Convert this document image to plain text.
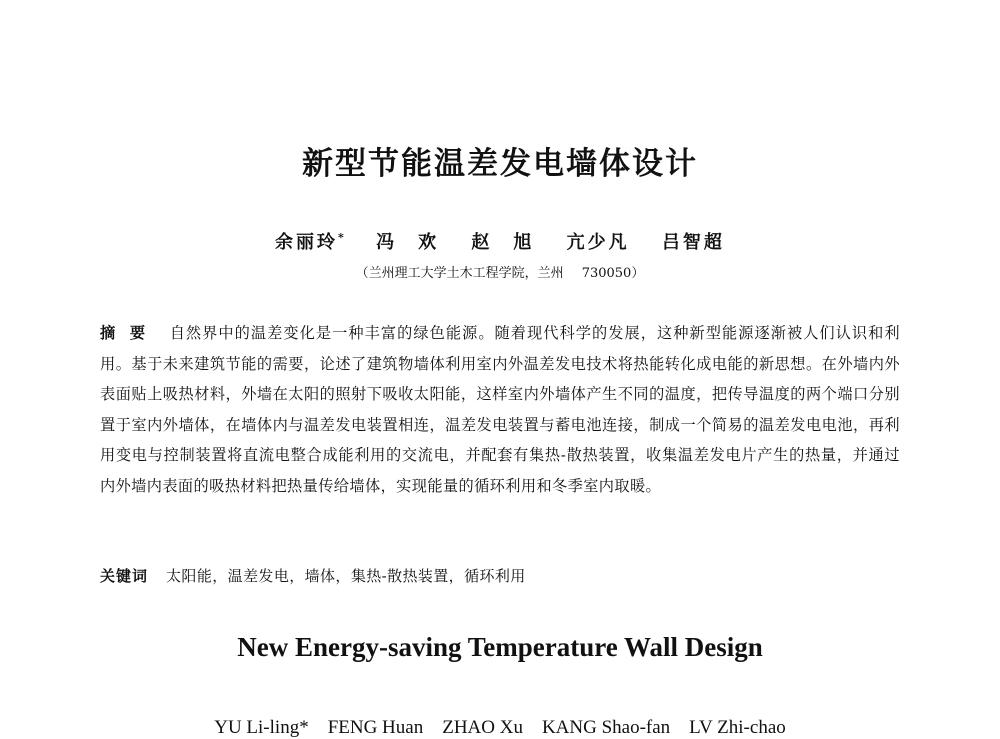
新型节能温差发电墙体设计
余丽玲* 冯　欢 赵　旭 亢少凡 吕智超
（兰州理工大学土木工程学院，兰州 730050）
摘要 自然界中的温差变化是一种丰富的绿色能源。随着现代科学的发展，这种新型能源逐渐被人们认识和利用。基于未来建筑节能的需要，论述了建筑物墙体利用室内外温差发电技术将热能转化成电能的新思想。在外墙内外表面贴上吸热材料，外墙在太阳的照射下吸收太阳能，这样室内外墙体产生不同的温度，把传导温度的两个端口分别置于室内外墙体，在墙体内与温差发电装置相连，温差发电装置与蓄电池连接，制成一个简易的温差发电电池，再利用变电与控制装置将直流电整合成能利用的交流电，并配套有集热-散热装置，收集温差发电片产生的热量，并通过内外墙内表面的吸热材料把热量传给墙体，实现能量的循环利用和冬季室内取暖。
关键词 太阳能，温差发电，墙体，集热-散热装置，循环利用
New Energy-saving Temperature Wall Design
YU Li-ling*　FENG Huan　ZHAO Xu　KANG Shao-fan　LV Zhi-chao
